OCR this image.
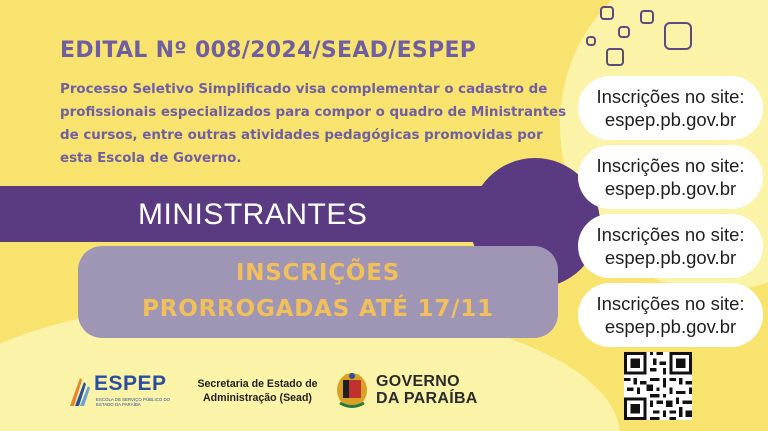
EDITAL Nº 008/2024/SEAD/ESPEP
Processo Seletivo Simplificado visa complementar o cadastro de profissionais especializados para compor o quadro de Ministrantes de cursos, entre outras atividades pedagógicas promovidas por esta Escola de Governo.
MINISTRANTES
INSCRIÇÕES
PRORROGADAS ATÉ 17/11
Inscrições no site:
espep.pb.gov.br
Inscrições no site:
espep.pb.gov.br
Inscrições no site:
espep.pb.gov.br
Inscrições no site:
espep.pb.gov.br
ESPEP
ESCOLA DE SERVIÇO PÚBLICO DO ESTADO DA PARAÍBA
Secretaria de Estado de
Administração (Sead)
GOVERNO
DA PARAÍBA
